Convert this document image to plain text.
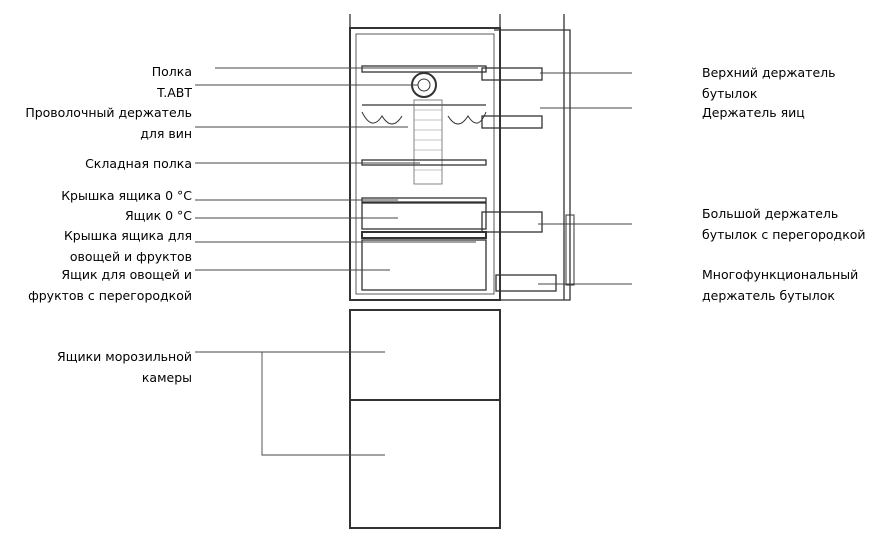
Полка
T.ABT
Проволочный держатель
для вин
Складная полка
Крышка ящика 0 °С
Ящик 0 °С
Крышка ящика для
овощей и фруктов
Ящик для овощей и
фруктов с перегородкой
Ящики морозильной
камеры
Верхний держатель
бутылок
Держатель яиц
Большой держатель
бутылок с перегородкой
Многофункциональный
держатель бутылок
